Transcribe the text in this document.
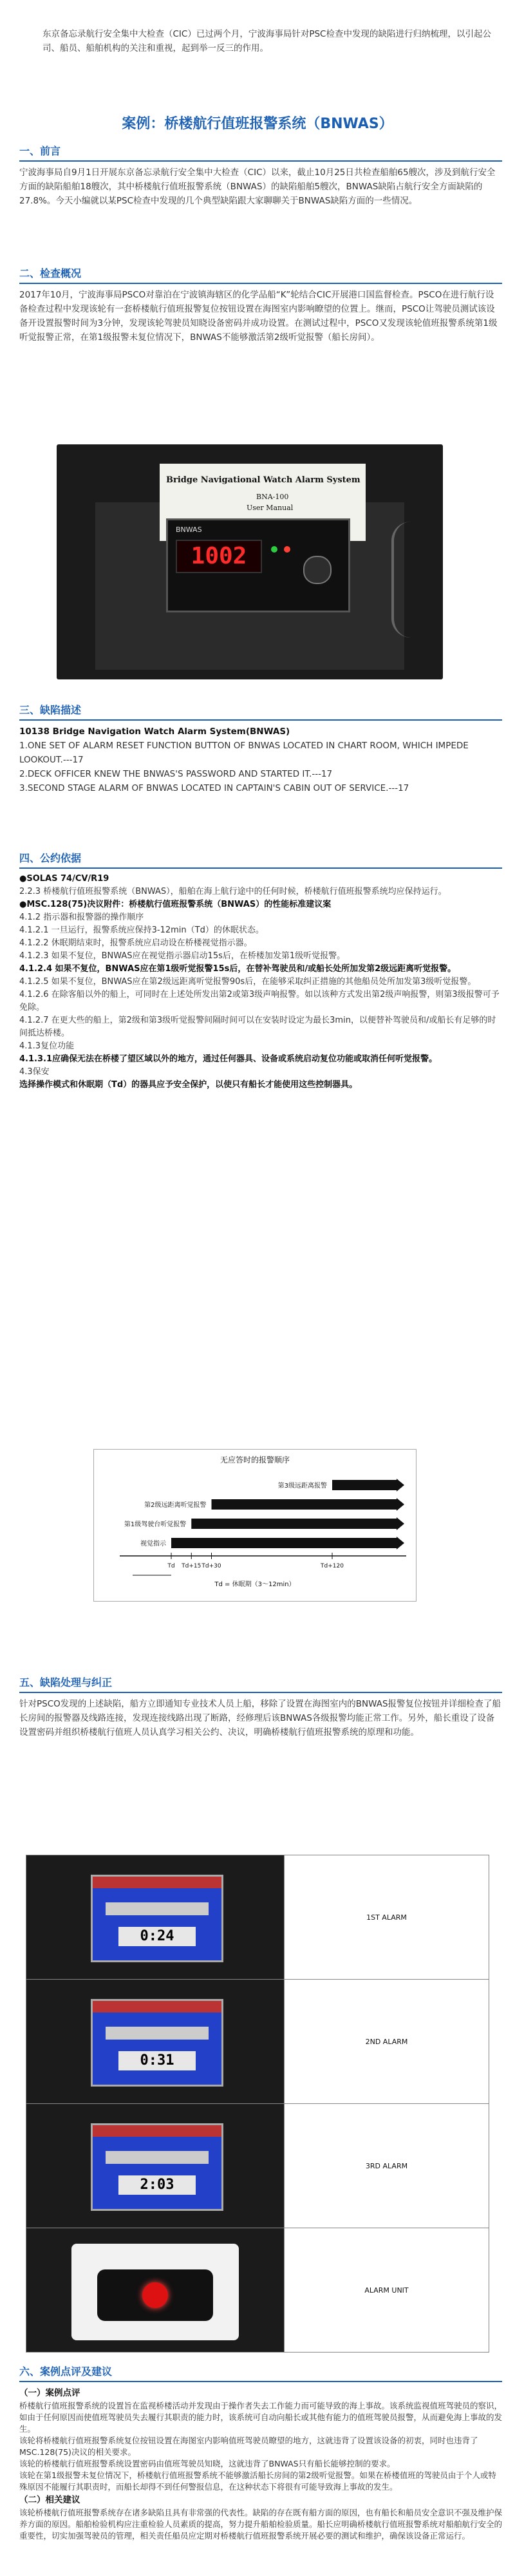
东京备忘录航行安全集中大检查（CIC）已过两个月，宁波海事局针对PSC检查中发现的缺陷进行归纳梳理，以引起公司、船员、船舶机构的关注和重视，起到举一反三的作用。

案例：桥楼航行值班报警系统（BNWAS）
一、前言

宁波海事局自9月1日开展东京备忘录航行安全集中大检查（CIC）以来，截止10月25日共检查船舶65艘次，涉及到航行安全方面的缺陷船舶18艘次，其中桥楼航行值班报警系统（BNWAS）的缺陷船舶5艘次，BNWAS缺陷占航行安全方面缺陷的27.8%。今天小编就以某PSC检查中发现的几个典型缺陷跟大家聊聊关于BNWAS缺陷方面的一些情况。

二、检查概况

2017年10月，宁波海事局PSCO对靠泊在宁波镇海辖区的化学品船“K”轮结合CIC开展港口国监督检查。PSCO在进行航行设备检查过程中发现该轮有一套桥楼航行值班报警复位按钮设置在海图室内影响瞭望的位置上。继而，PSCO让驾驶员测试该设备开设置报警时间为3分钟，发现该轮驾驶员知晓设备密码并成功设置。在测试过程中，PSCO又发现该轮值班报警系统第1级听觉报警正常，在第1级报警未复位情况下，BNWAS不能够激活第2级听觉报警（船长房间）。

Bridge Navigational Watch Alarm System
BNA-100
User Manual
BNWAS
1002
三、缺陷描述

10138 Bridge Navigation Watch Alarm System(BNWAS)

1.ONE SET OF ALARM RESET FUNCTION BUTTON OF BNWAS LOCATED IN CHART ROOM, WHICH IMPEDE LOOKOUT.---17

2.DECK OFFICER KNEW THE BNWAS'S PASSWORD AND STARTED IT.---17

3.SECOND STAGE ALARM OF BNWAS LOCATED IN CAPTAIN'S CABIN OUT OF SERVICE.---17

四、公约依据

●SOLAS 74/CV/R19

2.2.3 桥楼航行值班报警系统（BNWAS），船舶在海上航行途中的任何时候，桥楼航行值班报警系统均应保持运行。

●MSC.128(75)决议附件：桥楼航行值班报警系统（BNWAS）的性能标准建议案

4.1.2 指示器和报警器的操作顺序

4.1.2.1 一旦运行，报警系统应保持3-12min（Td）的休眠状态。

4.1.2.2 休眠期结束时，报警系统应启动设在桥楼视觉指示器。

4.1.2.3 如果不复位，BNWAS应在视觉指示器启动15s后，在桥楼加发第1级听觉报警。

4.1.2.4 如果不复位，BNWAS应在第1级听觉报警15s后，在替补驾驶员和/或船长处所加发第2级远距离听觉报警。

4.1.2.5 如果不复位，BNWAS应在第2级远距离听觉报警90s后，在能够采取纠正措施的其他船员处所加发第3级听觉报警。

4.1.2.6 在除客船以外的船上，可同时在上述处所发出第2或第3级声响报警。如以该种方式发出第2级声响报警，则第3级报警可予免除。

4.1.2.7 在更大些的船上，第2级和第3级听觉报警间隔时间可以在安装时设定为最长3min，以便替补驾驶员和/或船长有足够的时间抵达桥楼。

4.1.3复位功能

4.1.3.1应确保无法在桥楼了望区域以外的地方，通过任何器具、设备或系统启动复位功能或取消任何听觉报警。

4.3保安

选择操作模式和休眠期（Td）的器具应予安全保护，以使只有船长才能使用这些控制器具。

无应答时的报警顺序
第3级远距离报警
第2级远距离听觉报警
第1级驾驶台听觉报警
视觉指示
Td Td+15 Td+30	Td+120
Td = 休眠期（3～12min）
五、缺陷处理与纠正

针对PSCO发现的上述缺陷，船方立即通知专业技术人员上船，移除了设置在海图室内的BNWAS报警复位按钮并详细检查了船长房间的报警器及线路连接，发现连接线路出现了断路，经修理后该BNWAS各级报警均能正常工作。另外，船长重设了设备设置密码并组织桥楼航行值班人员认真学习相关公约、决议，明确桥楼航行值班报警系统的原理和功能。

0:24	1ST ALARM

0:31	2ND ALARM

2:03	3RD ALARM

	ALARM UNIT
六、案例点评及建议

（一）案例点评

桥楼航行值班报警系统的设置旨在监视桥楼活动并发现由于操作者失去工作能力而可能导致的海上事故。该系统监视值班驾驶员的察识，如由于任何原因而使值班驾驶员失去履行其职责的能力时，该系统可自动向船长或其他有能力的值班驾驶员报警，从而避免海上事故的发生。

该轮将桥楼航行值班报警系统复位按钮设置在海图室内影响值班驾驶员瞭望的地方，这就违背了设置该设备的初衷，同时也违背了MSC.128(75)决议的相关要求。

该轮的桥楼航行值班报警系统设置密码由值班驾驶员知晓，这就违背了BNWAS只有船长能够控制的要求。

该轮在第1级报警未复位情况下，桥楼航行值班报警系统不能够激活船长房间的第2级听觉报警。如果在桥楼值班的驾驶员由于个人或特殊原因不能履行其职责时，而船长却得不到任何警报信息，在这种状态下将很有可能导致海上事故的发生。

（二）相关建议

该轮桥楼航行值班报警系统存在诸多缺陷且具有非常强的代表性。缺陷的存在既有船方面的原因，也有船长和船员安全意识不强及维护保养方面的原因。船舶检验机构应注重检验人员素质的提高，努力提升船舶检验质量。船长应明确桥楼航行值班报警系统对船舶航行安全的重要性，切实加强驾驶员的管理，相关责任船员应定期对桥楼航行值班报警系统开展必要的测试和维护，确保该设备正常运行。
